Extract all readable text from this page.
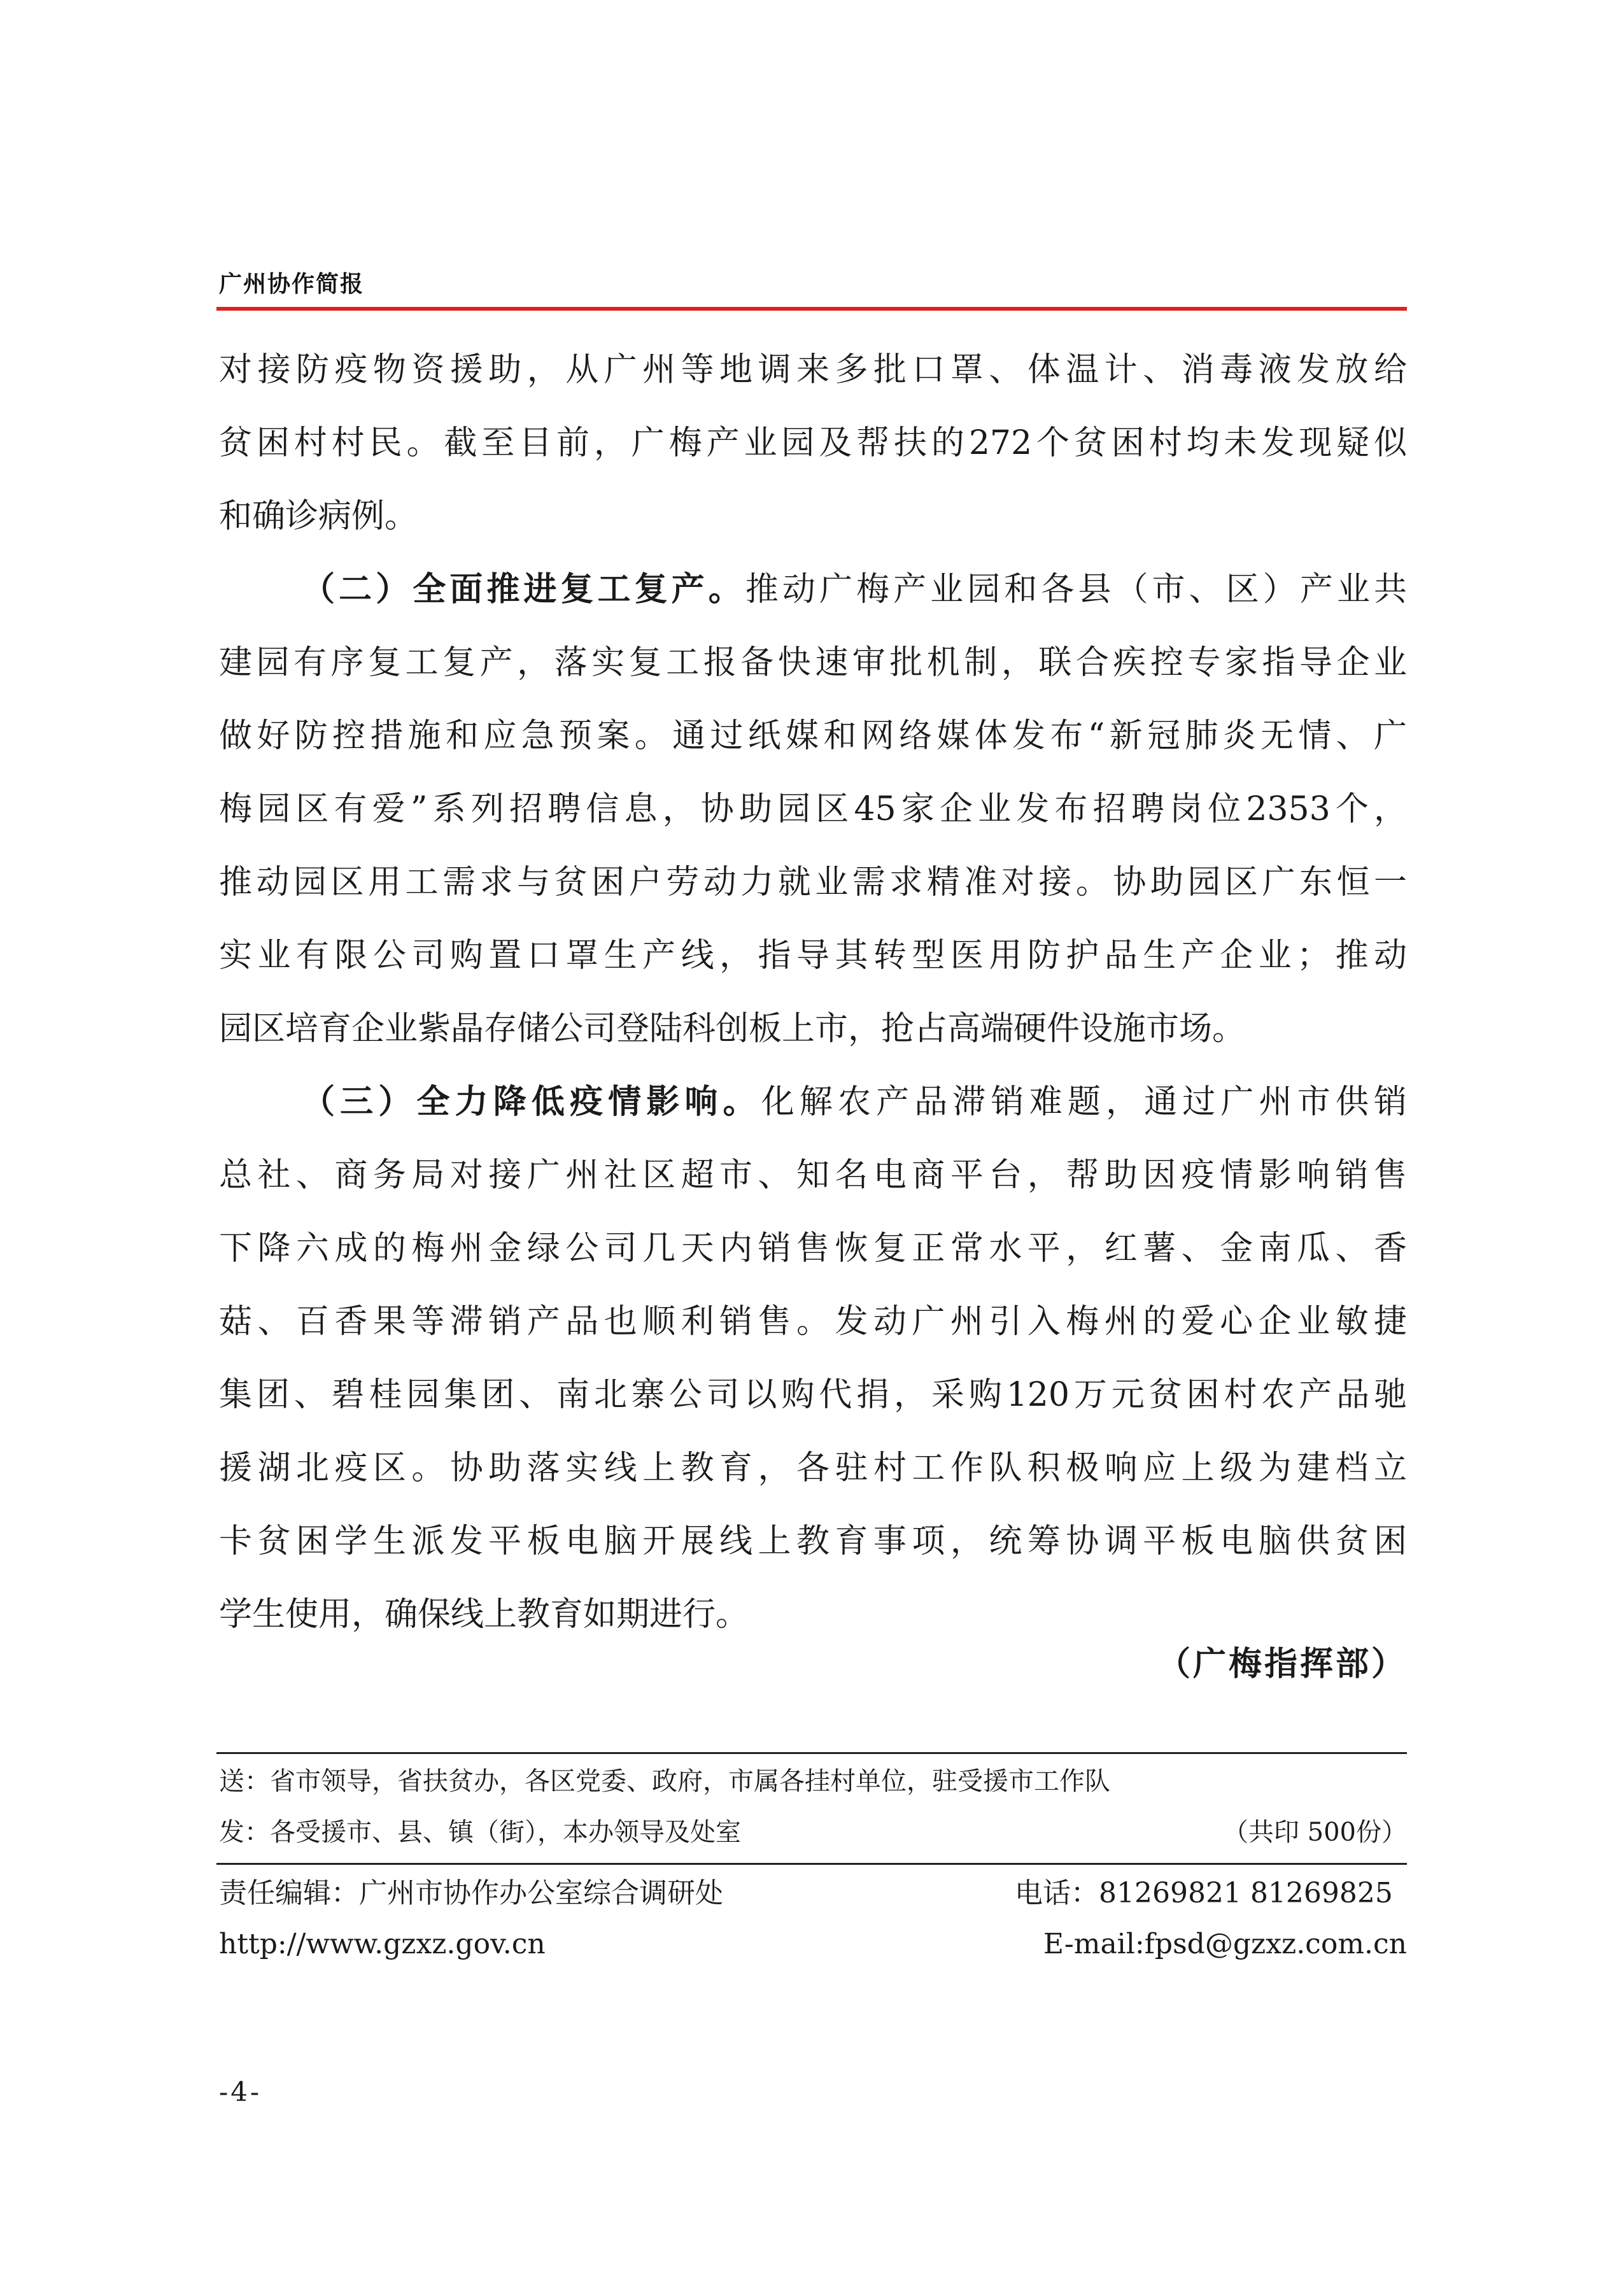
广州协作简报
对接防疫物资援助，从广州等地调来多批口罩、体温计、消毒液发放给
贫困村村民。截至目前，广梅产业园及帮扶的272个贫困村均未发现疑似
和确诊病例。
（二）全面推进复工复产。推动广梅产业园和各县（市、区）产业共
建园有序复工复产，落实复工报备快速审批机制，联合疾控专家指导企业
做好防控措施和应急预案。通过纸媒和网络媒体发布“新冠肺炎无情、广
梅园区有爱”系列招聘信息，协助园区45家企业发布招聘岗位2353个，
推动园区用工需求与贫困户劳动力就业需求精准对接。协助园区广东恒一
实业有限公司购置口罩生产线，指导其转型医用防护品生产企业；推动
园区培育企业紫晶存储公司登陆科创板上市，抢占高端硬件设施市场。
（三）全力降低疫情影响。化解农产品滞销难题，通过广州市供销
总社、商务局对接广州社区超市、知名电商平台，帮助因疫情影响销售
下降六成的梅州金绿公司几天内销售恢复正常水平，红薯、金南瓜、香
菇、百香果等滞销产品也顺利销售。发动广州引入梅州的爱心企业敏捷
集团、碧桂园集团、南北寨公司以购代捐，采购120万元贫困村农产品驰
援湖北疫区。协助落实线上教育，各驻村工作队积极响应上级为建档立
卡贫困学生派发平板电脑开展线上教育事项，统筹协调平板电脑供贫困
学生使用，确保线上教育如期进行。
（广梅指挥部）
送：省市领导，省扶贫办，各区党委、政府，市属各挂村单位，驻受援市工作队
发：各受援市、县、镇（街），本办领导及处室	（共印 500份）
责任编辑：广州市协作办公室综合调研处	电话：81269821 81269825
http://www.gzxz.gov.cn	E-mail:fpsd@gzxz.com.cn
-4-
